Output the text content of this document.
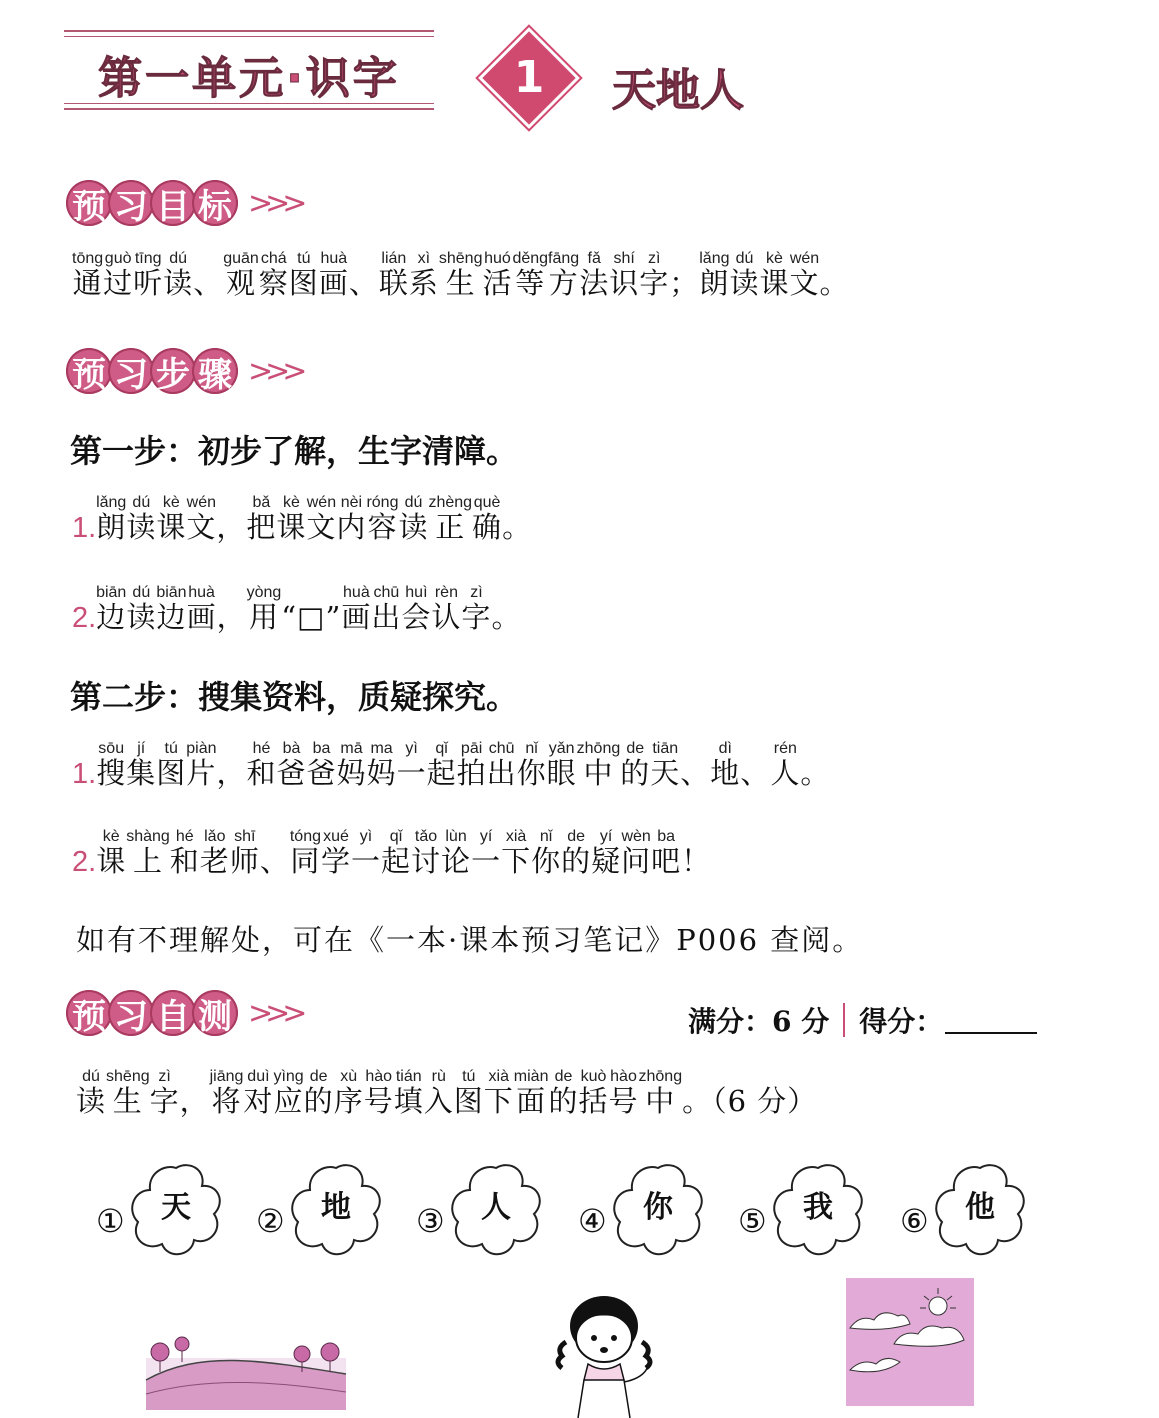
第一单元·识字	1	天地人
预 习 目 标 >>>
通tōng过guò听tīng读dú、 观guān察chá图tú画huà、 联lián系xì生shēng活huó等děng方fāng法fǎ识shí字zì； 朗lǎng读dú课kè文wén。
预 习 步 骤 >>>
第一步：初步了解，生字清障。
1.朗lǎng读dú课kè文wén， 把bǎ课kè文wén内nèi容róng读dú正zhèng确què。
2.边biān读dú边biān画huà， 用yòng“□” 画huà出chū会huì认rèn字zì。
第二步：搜集资料，质疑探究。
1.搜sōu集jí图tú片piàn， 和hé爸bà爸ba妈mā妈ma一yì起qǐ拍pāi出chū你nǐ眼yǎn中zhōng的de天tiān、 地dì、 人rén。
2.课kè上shàng和hé老lǎo师shī、 同tóng学xué一yì起qǐ讨tǎo论lùn一yí下xià你nǐ的de疑yí问wèn吧ba！
如有不理解处，可在《一本·课本预习笔记》P006 查阅。
预 习 自 测 >>>	满分：6 分 得分：
读dú生shēng字zì， 将jiāng对duì应yìng的de序xù号hào填tián入rù图tú下xià面miàn的de括kuò号hào中zhōng。（6 分）
①	天	②	地	③	人	④	你	⑤	我	⑥	他
